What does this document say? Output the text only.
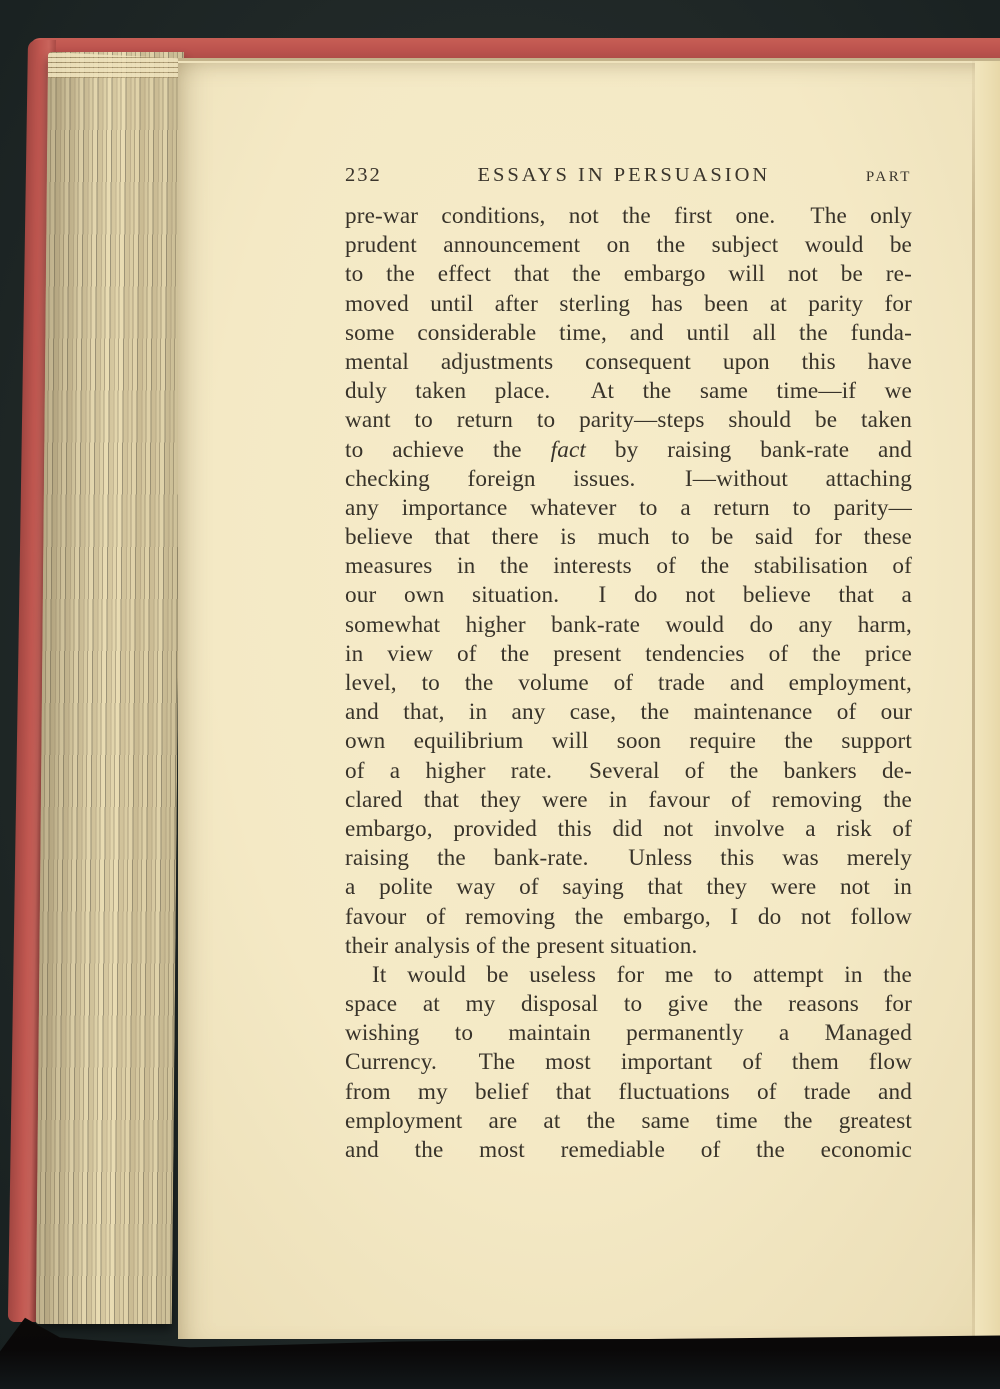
232	ESSAYS IN PERSUASION	PART
pre-war conditions, not the first one.  The only
prudent announcement on the subject would be
to the effect that the embargo will not be re-
moved until after sterling has been at parity for
some considerable time, and until all the funda-
mental adjustments consequent upon this have
duly taken place.  At the same time—if we
want to return to parity—steps should be taken
to achieve the fact by raising bank-rate and
checking foreign issues.  I—without attaching
any importance whatever to a return to parity—
believe that there is much to be said for these
measures in the interests of the stabilisation of
our own situation.  I do not believe that a
somewhat higher bank-rate would do any harm,
in view of the present tendencies of the price
level, to the volume of trade and employment,
and that, in any case, the maintenance of our
own equilibrium will soon require the support
of a higher rate.  Several of the bankers de-
clared that they were in favour of removing the
embargo, provided this did not involve a risk of
raising the bank-rate.  Unless this was merely
a polite way of saying that they were not in
favour of removing the embargo, I do not follow
their analysis of the present situation.
It would be useless for me to attempt in the
space at my disposal to give the reasons for
wishing to maintain permanently a Managed
Currency.  The most important of them flow
from my belief that fluctuations of trade and
employment are at the same time the greatest
and the most remediable of the economic
